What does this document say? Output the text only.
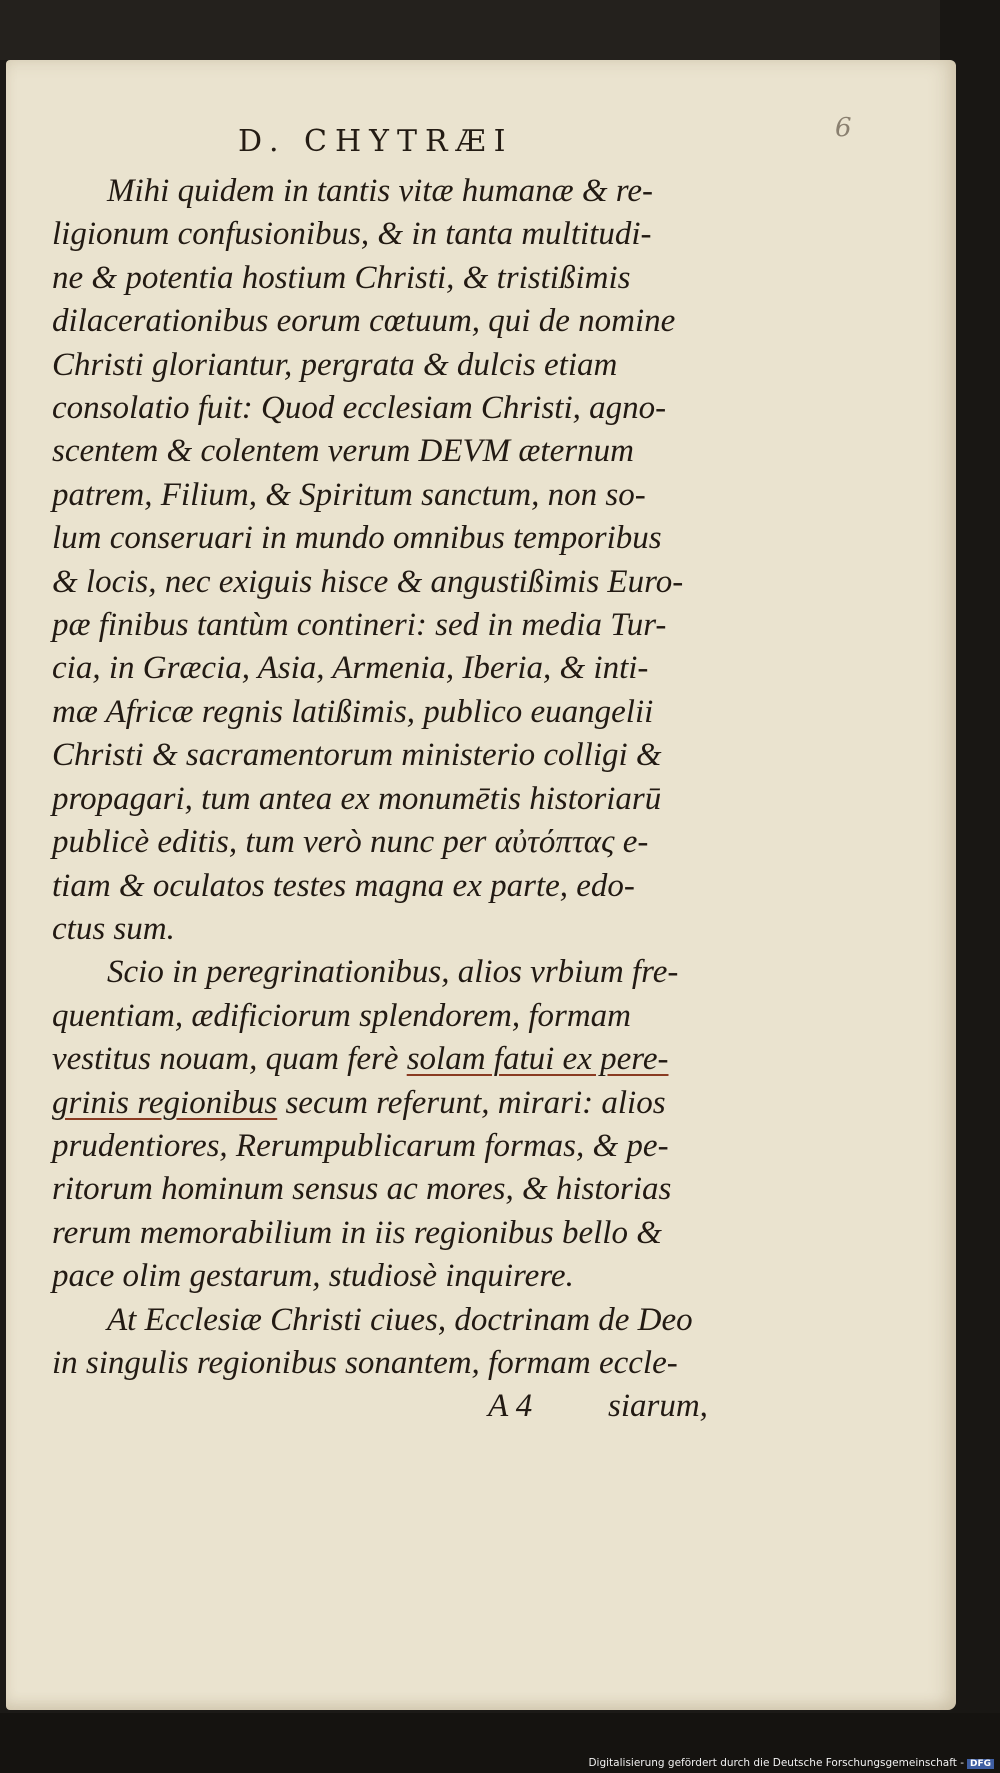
6
D. CHYTRÆI
Mihi quidem in tantis vitæ humanæ & re-
ligionum confusionibus, & in tanta multitudi-
ne & potentia hostium Christi, & tristißimis
dilacerationibus eorum cœtuum, qui de nomine
Christi gloriantur, pergrata & dulcis etiam
consolatio fuit: Quod ecclesiam Christi, agno-
scentem & colentem verum DEVM æternum
patrem, Filium, & Spiritum sanctum, non so-
lum conseruari in mundo omnibus temporibus
& locis, nec exiguis hisce & angustißimis Euro-
pæ finibus tantùm contineri: sed in media Tur-
cia, in Græcia, Asia, Armenia, Iberia, & inti-
mæ Africæ regnis latißimis, publico euangelii
Christi & sacramentorum ministerio colligi &
propagari, tum antea ex monumētis historiarū
publicè editis, tum verò nunc per αὐτόπτας e-
tiam & oculatos testes magna ex parte, edo-
ctus sum.
Scio in peregrinationibus, alios vrbium fre-
quentiam, ædificiorum splendorem, formam
vestitus nouam, quam ferè solam fatui ex pere-
grinis regionibus secum referunt, mirari: alios
prudentiores, Rerumpublicarum formas, & pe-
ritorum hominum sensus ac mores, & historias
rerum memorabilium in iis regionibus bello &
pace olim gestarum, studiosè inquirere.
At Ecclesiæ Christi ciues, doctrinam de Deo
in singulis regionibus sonantem, formam eccle-
A 4 siarum,
Digitalisierung gefördert durch die Deutsche Forschungsgemeinschaft - DFG
